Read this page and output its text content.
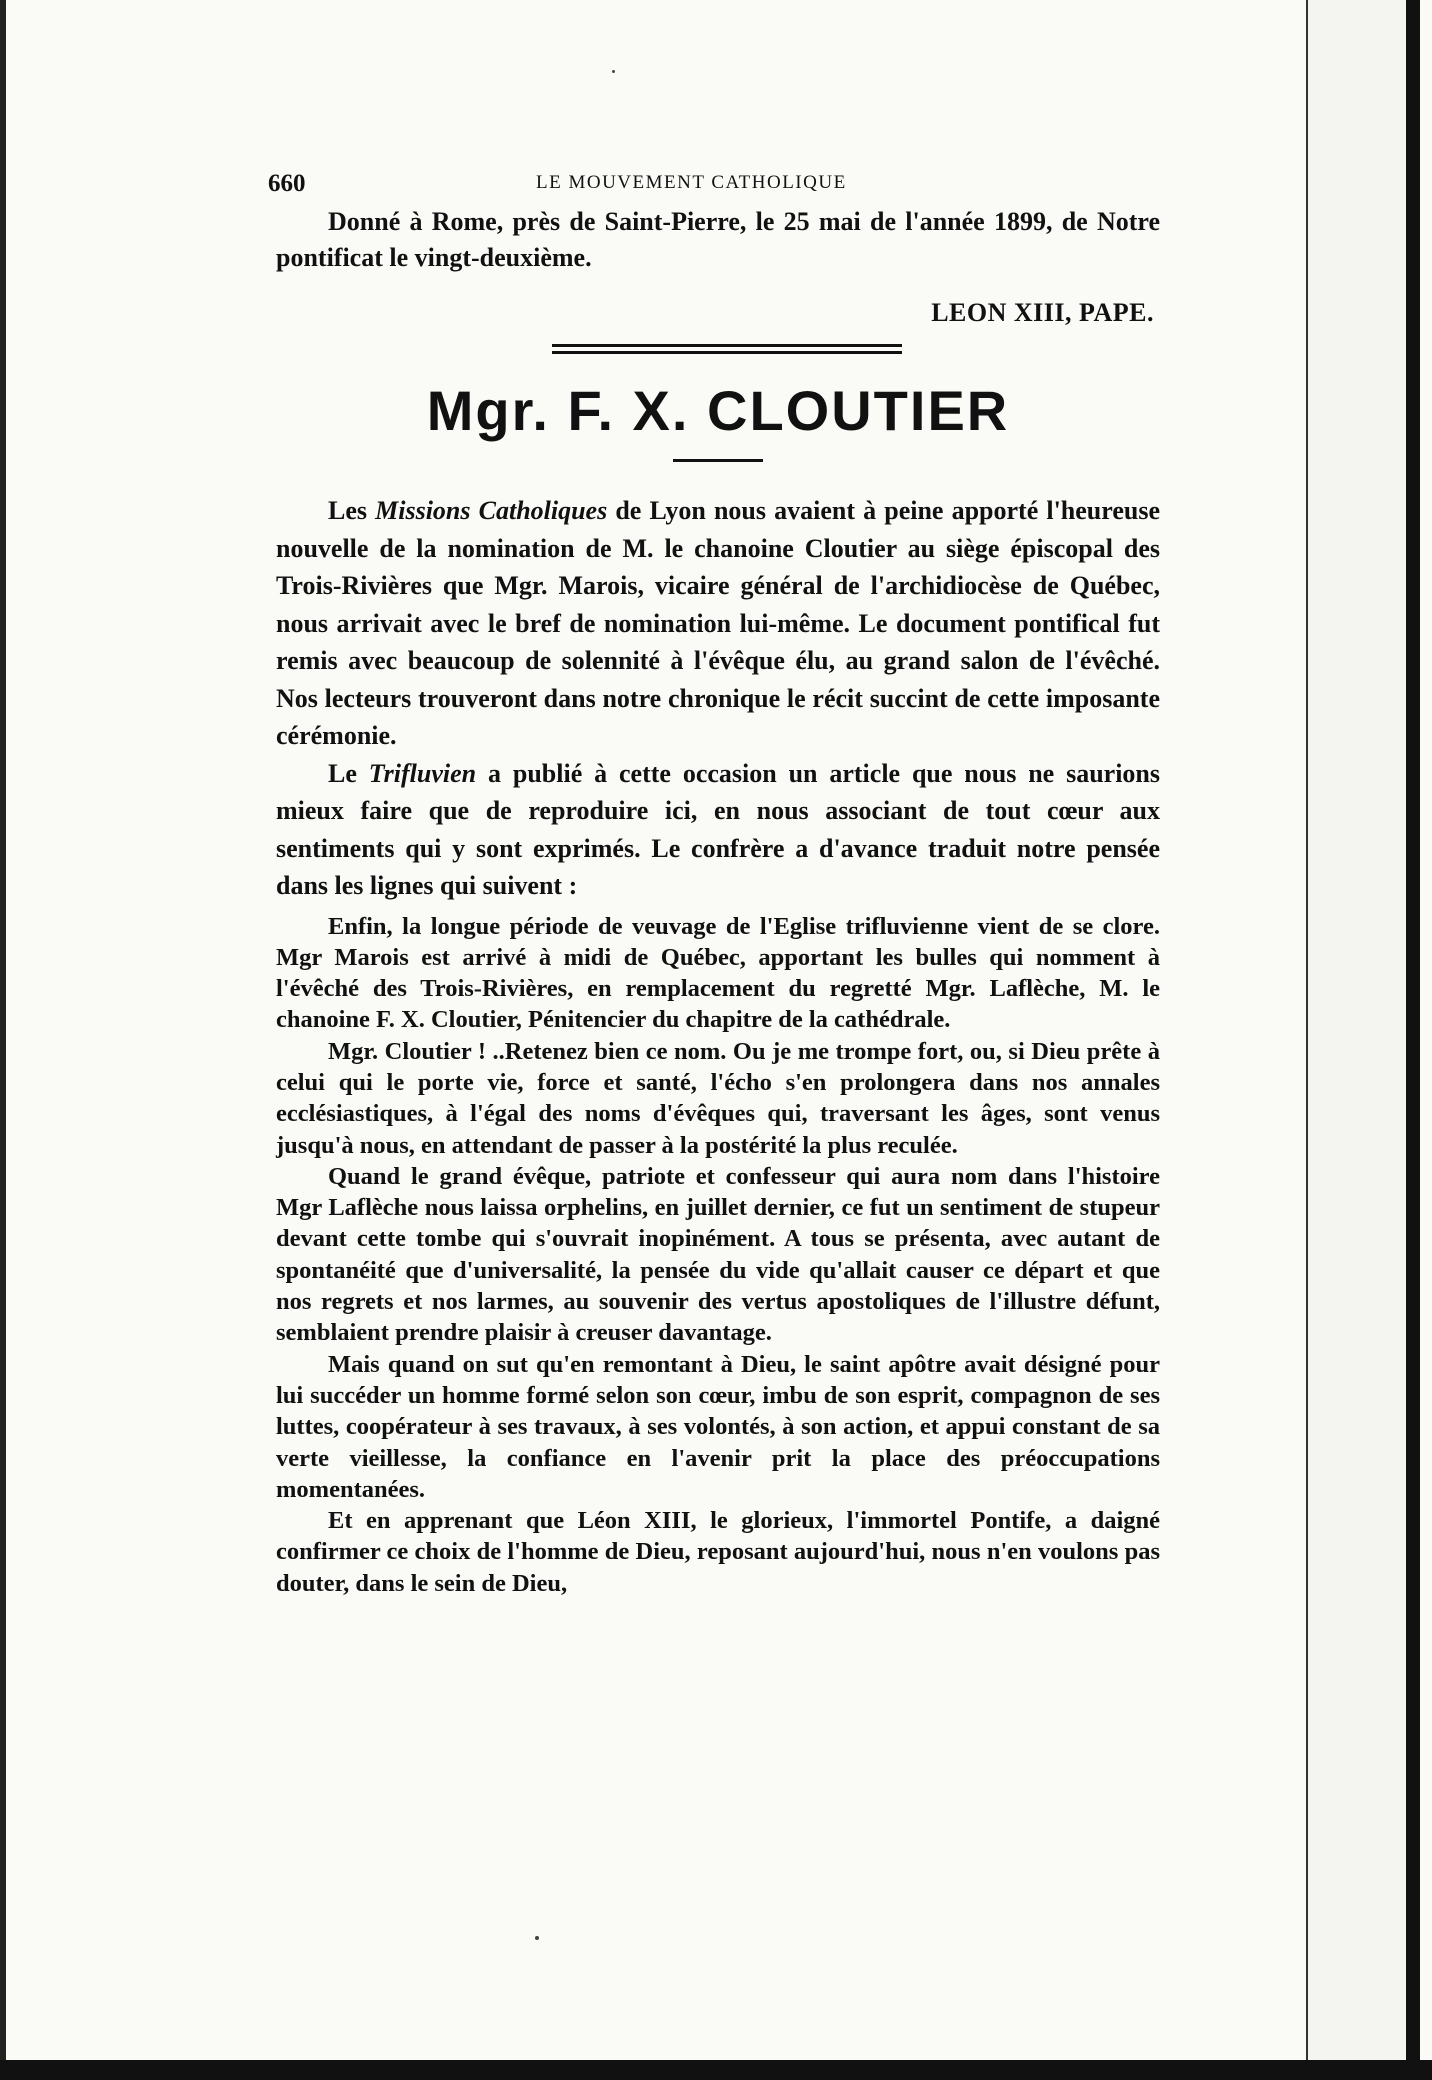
660	LE MOUVEMENT CATHOLIQUE

Donné à Rome, près de Saint-Pierre, le 25 mai de l'année 1899, de Notre pontificat le vingt-deuxième.

LEON XIII, PAPE.
Mgr. F. X. CLOUTIER

Les Missions Catholiques de Lyon nous avaient à peine apporté l'heureuse nouvelle de la nomination de M. le chanoine Cloutier au siège épiscopal des Trois-Rivières que Mgr. Marois, vicaire général de l'archidiocèse de Québec, nous arrivait avec le bref de nomination lui-même. Le document pontifical fut remis avec beaucoup de solennité à l'évêque élu, au grand salon de l'évêché. Nos lecteurs trouveront dans notre chronique le récit succint de cette imposante cérémonie.

Le Trifluvien a publié à cette occasion un article que nous ne saurions mieux faire que de reproduire ici, en nous associant de tout cœur aux sentiments qui y sont exprimés. Le confrère a d'avance traduit notre pensée dans les lignes qui suivent :

Enfin, la longue période de veuvage de l'Eglise trifluvienne vient de se clore. Mgr Marois est arrivé à midi de Québec, apportant les bulles qui nomment à l'évêché des Trois-Rivières, en remplacement du regretté Mgr. Laflèche, M. le chanoine F. X. Cloutier, Pénitencier du chapitre de la cathédrale.

Mgr. Cloutier ! ..Retenez bien ce nom. Ou je me trompe fort, ou, si Dieu prête à celui qui le porte vie, force et santé, l'écho s'en prolongera dans nos annales ecclésiastiques, à l'égal des noms d'évêques qui, traversant les âges, sont venus jusqu'à nous, en attendant de passer à la postérité la plus reculée.

Quand le grand évêque, patriote et confesseur qui aura nom dans l'histoire Mgr Laflèche nous laissa orphelins, en juillet dernier, ce fut un sentiment de stupeur devant cette tombe qui s'ouvrait inopinément. A tous se présenta, avec autant de spontanéité que d'universalité, la pensée du vide qu'allait causer ce départ et que nos regrets et nos larmes, au souvenir des vertus apostoliques de l'illustre défunt, semblaient prendre plaisir à creuser davantage.

Mais quand on sut qu'en remontant à Dieu, le saint apôtre avait désigné pour lui succéder un homme formé selon son cœur, imbu de son esprit, compagnon de ses luttes, coopérateur à ses travaux, à ses volontés, à son action, et appui constant de sa verte vieillesse, la confiance en l'avenir prit la place des préoccupations momentanées.

Et en apprenant que Léon XIII, le glorieux, l'immortel Pontife, a daigné confirmer ce choix de l'homme de Dieu, reposant aujourd'hui, nous n'en voulons pas douter, dans le sein de Dieu,
